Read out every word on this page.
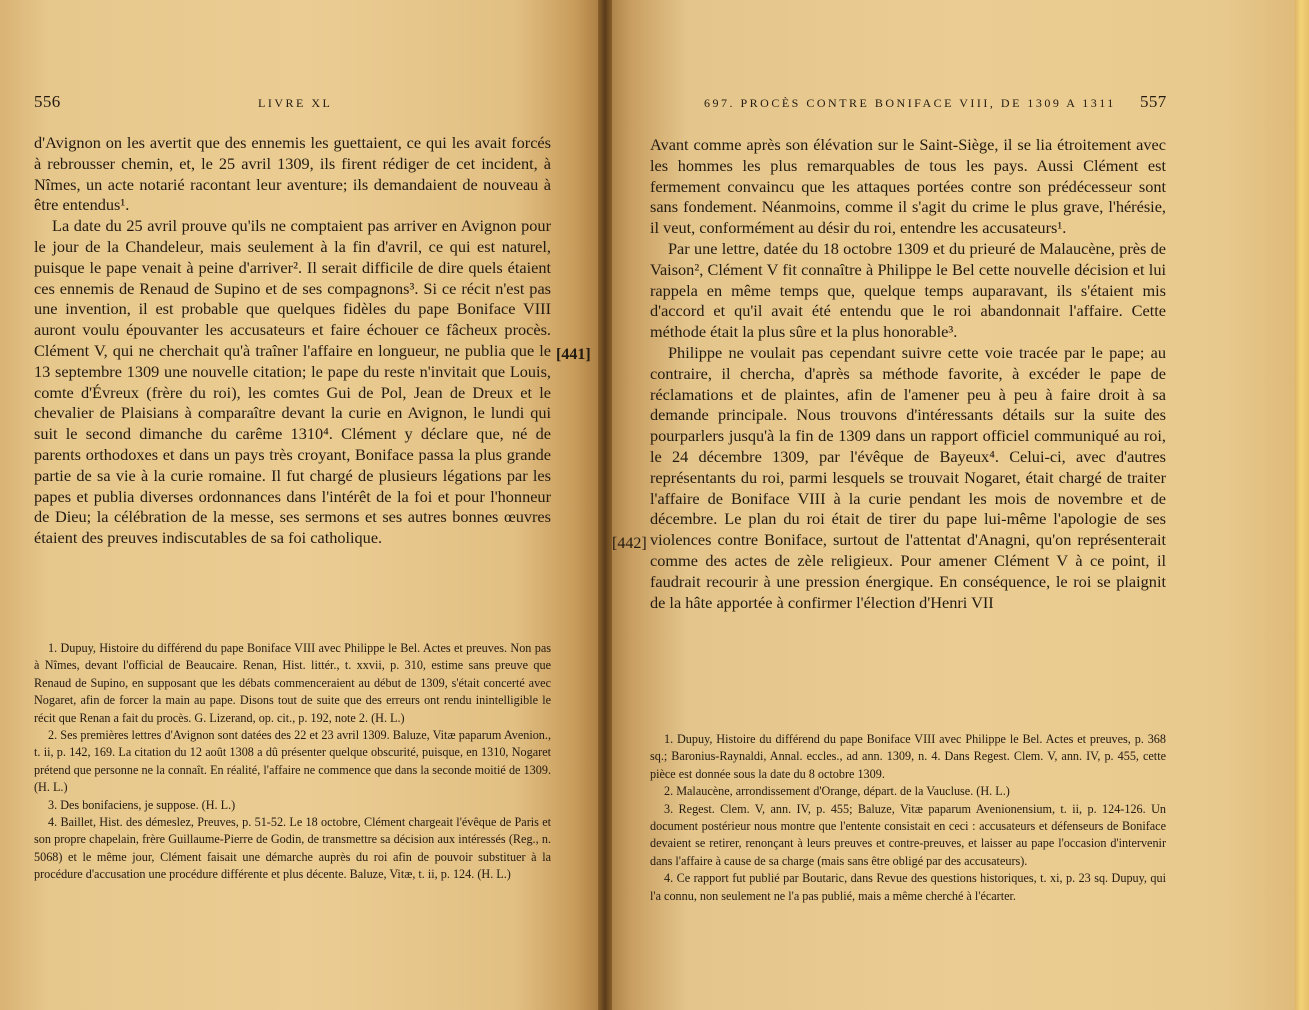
556	LIVRE XL

d'Avignon on les avertit que des ennemis les guettaient, ce qui les avait forcés à rebrousser chemin, et, le 25 avril 1309, ils firent rédiger de cet incident, à Nîmes, un acte notarié racontant leur aventure; ils demandaient de nouveau à être entendus¹.

La date du 25 avril prouve qu'ils ne comptaient pas arriver en Avignon pour le jour de la Chandeleur, mais seulement à la fin d'avril, ce qui est naturel, puisque le pape venait à peine d'arriver². Il serait difficile de dire quels étaient ces ennemis de Renaud de Supino et de ses compagnons³. Si ce récit n'est pas une invention, il est probable que quelques fidèles du pape Boniface VIII auront voulu épouvanter les accusateurs et faire échouer ce fâcheux procès. Clément V, qui ne cherchait qu'à traîner l'affaire en longueur, ne publia que le 13 septembre 1309 une nouvelle citation; le pape du reste n'invitait que Louis, comte d'Évreux (frère du roi), les comtes Gui de Pol, Jean de Dreux et le chevalier de Plaisians à comparaître devant la curie en Avignon, le lundi qui suit le second dimanche du carême 1310⁴. Clément y déclare que, né de parents orthodoxes et dans un pays très croyant, Boniface passa la plus grande partie de sa vie à la curie romaine. Il fut chargé de plusieurs légations par les papes et publia diverses ordonnances dans l'intérêt de la foi et pour l'honneur de Dieu; la célébration de la messe, ses sermons et ses autres bonnes œuvres étaient des preuves indiscutables de sa foi catholique.

1. Dupuy, Histoire du différend du pape Boniface VIII avec Philippe le Bel. Actes et preuves. Non pas à Nîmes, devant l'official de Beaucaire. Renan, Hist. littér., t. xxvii, p. 310, estime sans preuve que Renaud de Supino, en supposant que les débats commenceraient au début de 1309, s'était concerté avec Nogaret, afin de forcer la main au pape. Disons tout de suite que des erreurs ont rendu inintelligible le récit que Renan a fait du procès. G. Lizerand, op. cit., p. 192, note 2. (H. L.)

2. Ses premières lettres d'Avignon sont datées des 22 et 23 avril 1309. Baluze, Vitæ paparum Avenion., t. ii, p. 142, 169. La citation du 12 août 1308 a dû présenter quelque obscurité, puisque, en 1310, Nogaret prétend que personne ne la connaît. En réalité, l'affaire ne commence que dans la seconde moitié de 1309. (H. L.)

3. Des bonifaciens, je suppose. (H. L.)

4. Baillet, Hist. des démeslez, Preuves, p. 51-52. Le 18 octobre, Clément chargeait l'évêque de Paris et son propre chapelain, frère Guillaume-Pierre de Godin, de transmettre sa décision aux intéressés (Reg., n. 5068) et le même jour, Clément faisait une démarche auprès du roi afin de pouvoir substituer à la procédure d'accusation une procédure différente et plus décente. Baluze, Vitæ, t. ii, p. 124. (H. L.)

[441]
697. PROCÈS CONTRE BONIFACE VIII, DE 1309 A 1311 557

Avant comme après son élévation sur le Saint-Siège, il se lia étroitement avec les hommes les plus remarquables de tous les pays. Aussi Clément est fermement convaincu que les attaques portées contre son prédécesseur sont sans fondement. Néanmoins, comme il s'agit du crime le plus grave, l'hérésie, il veut, conformément au désir du roi, entendre les accusateurs¹.

Par une lettre, datée du 18 octobre 1309 et du prieuré de Malaucène, près de Vaison², Clément V fit connaître à Philippe le Bel cette nouvelle décision et lui rappela en même temps que, quelque temps auparavant, ils s'étaient mis d'accord et qu'il avait été entendu que le roi abandonnait l'affaire. Cette méthode était la plus sûre et la plus honorable³.

Philippe ne voulait pas cependant suivre cette voie tracée par le pape; au contraire, il chercha, d'après sa méthode favorite, à excéder le pape de réclamations et de plaintes, afin de l'amener peu à peu à faire droit à sa demande principale. Nous trouvons d'intéressants détails sur la suite des pourparlers jusqu'à la fin de 1309 dans un rapport officiel communiqué au roi, le 24 décembre 1309, par l'évêque de Bayeux⁴. Celui-ci, avec d'autres représentants du roi, parmi lesquels se trouvait Nogaret, était chargé de traiter l'affaire de Boniface VIII à la curie pendant les mois de novembre et de décembre. Le plan du roi était de tirer du pape lui-même l'apologie de ses violences contre Boniface, surtout de l'attentat d'Anagni, qu'on représenterait comme des actes de zèle religieux. Pour amener Clément V à ce point, il faudrait recourir à une pression énergique. En conséquence, le roi se plaignit de la hâte apportée à confirmer l'élection d'Henri VII

1. Dupuy, Histoire du différend du pape Boniface VIII avec Philippe le Bel. Actes et preuves, p. 368 sq.; Baronius-Raynaldi, Annal. eccles., ad ann. 1309, n. 4. Dans Regest. Clem. V, ann. IV, p. 455, cette pièce est donnée sous la date du 8 octobre 1309.

2. Malaucène, arrondissement d'Orange, départ. de la Vaucluse. (H. L.)

3. Regest. Clem. V, ann. IV, p. 455; Baluze, Vitæ paparum Avenionensium, t. ii, p. 124-126. Un document postérieur nous montre que l'entente consistait en ceci : accusateurs et défenseurs de Boniface devaient se retirer, renonçant à leurs preuves et contre-preuves, et laisser au pape l'occasion d'intervenir dans l'affaire à cause de sa charge (mais sans être obligé par des accusateurs).

4. Ce rapport fut publié par Boutaric, dans Revue des questions historiques, t. xi, p. 23 sq. Dupuy, qui l'a connu, non seulement ne l'a pas publié, mais a même cherché à l'écarter.

[442]
